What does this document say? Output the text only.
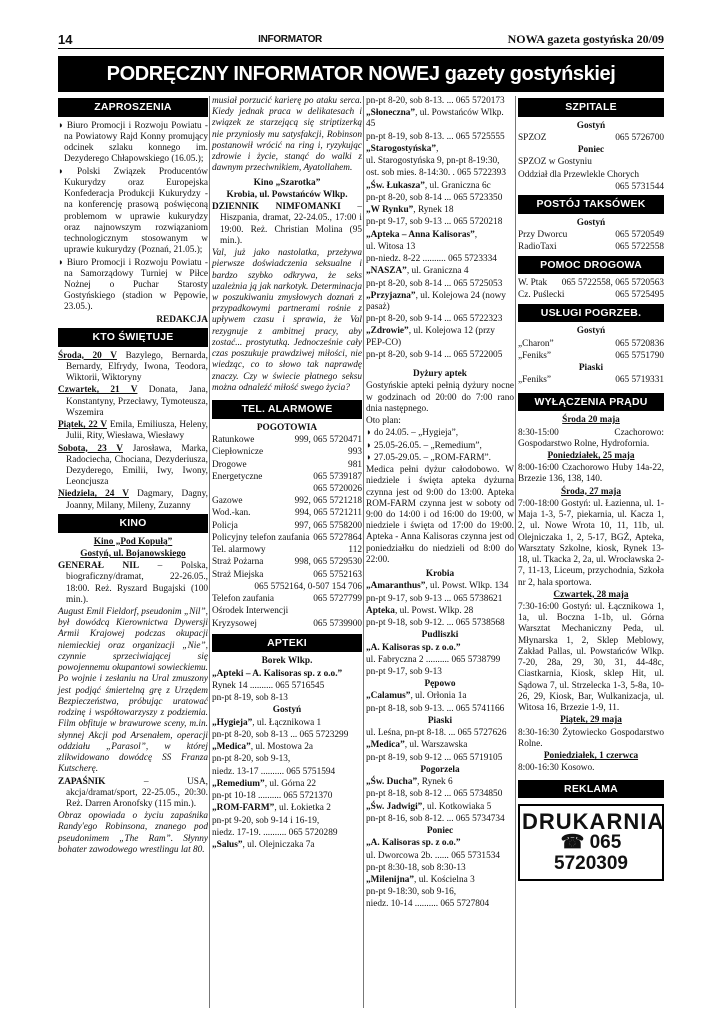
14	INFORMATOR	NOWA gazeta gostyńska 20/09
PODRĘCZNY INFORMATOR NOWEJ gazety gostyńskiej
ZAPROSZENIA

◗ Biuro Promocji i Rozwoju Powiatu - na Powiatowy Rajd Konny promujący odcinek szlaku konnego im. Dezyderego Chłapowskiego (16.05.);

◗ Polski Związek Producentów Kukurydzy oraz Europejska Konfederacja Produkcji Kukurydzy - na konferencję prasową poświęconą problemom w uprawie kukurydzy oraz najnowszym rozwiązaniom technologicznym stosowanym w uprawie kukurydzy (Poznań, 21.05.);

◗ Biuro Promocji i Rozwoju Powiatu - na Samorządowy Turniej w Piłce Nożnej o Puchar Starosty Gostyńskiego (stadion w Pępowie, 23.05.).

REDAKCJA

KTO ŚWIĘTUJE

Środa, 20 V Bazylego, Bernarda, Bernardy, Elfrydy, Iwona, Teodora, Wiktorii, Wiktoryny

Czwartek, 21 V Donata, Jana, Konstantyny, Przecławy, Tymoteusza, Wszemira

Piątek, 22 V Emila, Emiliusza, Heleny, Julii, Rity, Wiesława, Wiesławy

Sobota, 23 V Jarosława, Marka, Radociecha, Chociana, Dezyderiusza, Dezyderego, Emilii, Iwy, Iwony, Leoncjusza

Niedziela, 24 V Dagmary, Dagny, Joanny, Milany, Mileny, Zuzanny

KINO

Kino „Pod Kopułą”

Gostyń, ul. Bojanowskiego

GENERAŁ NIL – Polska, biograficzny/dramat, 22-26.05., 18:00. Reż. Ryszard Bugajski (100 min.).

August Emil Fieldorf, pseudonim „Nil”, był dowódcą Kierownictwa Dywersji Armii Krajowej podczas okupacji niemieckiej oraz organizacji „Nie”, czynnie sprzeciwiającej się powojennemu okupantowi sowieckiemu. Po wojnie i zesłaniu na Ural zmuszony jest podjąć śmiertelną grę z Urzędem Bezpieczeństwa, próbując uratować rodzinę i współtowarzyszy z podziemia. Film obfituje w brawurowe sceny, m.in. słynnej Akcji pod Arsenałem, operacji oddziału „Parasol”, w której zlikwidowano dowódcę SS Franza Kutscherę.

ZAPAŚNIK – USA, akcja/dramat/sport, 22-25.05., 20:30. Reż. Darren Aronofsky (115 min.).

Obraz opowiada o życiu zapaśnika Randy'ego Robinsona, znanego pod pseudonimem „The Ram”. Słynny bohater zawodowego wrestlingu lat 80.

musiał porzucić karierę po ataku serca. Kiedy jednak praca w delikatesach i związek ze starzejącą się striptizerką nie przyniosły mu satysfakcji, Robinson postanowił wrócić na ring i, ryzykując zdrowie i życie, stanąć do walki z dawnym przeciwnikiem, Ayatollahem.

Kino „Szarotka”

Krobia, ul. Powstańców Wlkp.

DZIENNIK NIMFOMANKI – Hiszpania, dramat, 22-24.05., 17:00 i 19:00. Reż. Christian Molina (95 min.).

Val, już jako nastolatka, przeżywa pierwsze doświadczenia seksualne i bardzo szybko odkrywa, że seks uzależnia ją jak narkotyk. Determinacja w poszukiwaniu zmysłowych doznań z przypadkowymi partnerami rośnie z upływem czasu i sprawia, że Val rezygnuje z ambitnej pracy, aby zostać... prostytutką. Jednocześnie cały czas poszukuje prawdziwej miłości, nie wiedząc, co to słowo tak naprawdę znaczy. Czy w świecie płatnego seksu można odnaleźć miłość swego życia?

TEL. ALARMOWE

POGOTOWIA

Ratunkowe	999, 065 5720471

Ciepłownicze	993

Drogowe	981

Energetyczne	065 5739187

065 5720026

Gazowe	992, 065 5721218

Wod.-kan.	994, 065 5721211

Policja	997, 065 5758200

Policyjny telefon zaufania 065 5727864

Tel. alarmowy	112

Straż Pożarna	998, 065 5729530

Straż Miejska	065 5752163

065 5752164, 0-507 154 706

Telefon zaufania	065 5727799

Ośrodek Interwencji

Kryzysowej	065 5739900

APTEKI

Borek Wlkp.

„Apteki – A. Kalisoras sp. z o.o.”

Rynek 14 .......... 065 5716545

pn-pt 8-19, sob 8-13

Gostyń

„Hygieja”, ul. Łącznikowa 1

pn-pt 8-20, sob 8-13 ... 065 5723299

„Medica”, ul. Mostowa 2a

pn-pt 8-20, sob 9-13,

niedz. 13-17 .......... 065 5751594

„Remedium”, ul. Górna 22

pn-pt 10-18 .......... 065 5721370

„ROM-FARM”, ul. Łokietka 2

pn-pt 9-20, sob 9-14 i 16-19,

niedz. 17-19. .......... 065 5720289

„Salus”, ul. Olejniczaka 7a

pn-pt 8-20, sob 8-13. ... 065 5720173

„Słoneczna”, ul. Powstańców Wlkp. 45

pn-pt 8-19, sob 8-13. ... 065 5725555

„Starogostyńska”,

ul. Starogostyńska 9, pn-pt 8-19:30,

ost. sob mies. 8-14:30. . 065 5722393

„Św. Łukasza”, ul. Graniczna 6c

pn-pt 8-20, sob 8-14 ... 065 5723350

„W Rynku”, Rynek 18

pn-pt 9-17, sob 9-13 ... 065 5720218

„Apteka – Anna Kalisoras”,

ul. Witosa 13

pn-niedz. 8-22 .......... 065 5723334

„NASZA”, ul. Graniczna 4

pn-pt 8-20, sob 8-14 ... 065 5725053

„Przyjazna”, ul. Kolejowa 24 (nowy pasaż)

pn-pt 8-20, sob 9-14 ... 065 5722323

„Zdrowie”, ul. Kolejowa 12 (przy PEP-CO)

pn-pt 8-20, sob 9-14 ... 065 5722005

Dyżury aptek

Gostyńskie apteki pełnią dyżury nocne w godzinach od 20:00 do 7:00 rano dnia następnego.

Oto plan:

◗ do 24.05. – „Hygieja”,

◗ 25.05-26.05. – „Remedium”,

◗ 27.05-29.05. – „ROM-FARM”.

Medica pełni dyżur całodobowo. W niedziele i święta apteka dyżurna czynna jest od 9:00 do 13:00. Apteka ROM-FARM czynna jest w soboty od 9:00 do 14:00 i od 16:00 do 19:00, w niedziele i święta od 17:00 do 19:00. Apteka - Anna Kalisoras czynna jest od poniedziałku do niedzieli od 8:00 do 22:00.

Krobia

„Amaranthus”, ul. Powst. Wlkp. 134

pn-pt 9-17, sob 9-13 ... 065 5738621

Apteka, ul. Powst. Wlkp. 28

pn-pt 9-18, sob 9-12. ... 065 5738568

Pudliszki

„A. Kalisoras sp. z o.o.”

ul. Fabryczna 2 .......... 065 5738799

pn-pt 9-17, sob 9-13

Pępowo

„Calamus”, ul. Orłonia 1a

pn-pt 8-18, sob 9-13. ... 065 5741166

Piaski

ul. Leśna, pn-pt 8-18. ... 065 5727626

„Medica”, ul. Warszawska

pn-pt 8-19, sob 9-12 ... 065 5719105

Pogorzela

„Św. Ducha”, Rynek 6

pn-pt 8-18, sob 8-12 ... 065 5734850

„Św. Jadwigi”, ul. Kotkowiaka 5

pn-pt 8-16, sob 8-12. ... 065 5734734

Poniec

„A. Kalisoras sp. z o.o.”

ul. Dworcowa 2b. ...... 065 5731534

pn-pt 8:30-18, sob 8:30-13

„Milenijna”, ul. Kościelna 3

pn-pt 9-18:30, sob 9-16,

niedz. 10-14 .......... 065 5727804

SZPITALE

Gostyń

SPZOZ	065 5726700

Poniec

SPZOZ w Gostyniu

Oddział dla Przewlekle Chorych

065 5731544

POSTÓJ TAKSÓWEK

Gostyń

Przy Dworcu	065 5720549

RadioTaxi	065 5722558

POMOC DROGOWA

W. Ptak 065 5722558, 065 5720563

Cz. Puślecki	065 5725495

USŁUGI POGRZEB.

Gostyń

„Charon”	065 5720836

„Feniks”	065 5751790

Piaski

„Feniks”	065 5719331

WYŁĄCZENIA PRĄDU

Środa 20 maja

8:30-15:00 Czachorowo: Gospodarstwo Rolne, Hydrofornia.

Poniedziałek, 25 maja

8:00-16:00 Czachorowo Huby 14a-22, Brzezie 136, 138, 140.

Środa, 27 maja

7:00-18:00 Gostyń: ul. Łazienna, ul. 1-Maja 1-3, 5-7, piekarnia, ul. Kacza 1, 2, ul. Nowe Wrota 10, 11, 11b, ul. Olejniczaka 1, 2, 5-17, BGŻ, Apteka, Warsztaty Szkolne, kiosk, Rynek 13-18, ul. Tkacka 2, 2a, ul. Wrocławska 2-7, 11-13, Liceum, przychodnia, Szkoła nr 2, hala sportowa.

Czwartek, 28 maja

7:30-16:00 Gostyń: ul. Łącznikowa 1, 1a, ul. Boczna 1-1b, ul. Górna Warsztat Mechaniczny Peda, ul. Młynarska 1, 2, Sklep Meblowy, Zakład Pallas, ul. Powstańców Wlkp. 7-20, 28a, 29, 30, 31, 44-48c, Ciastkarnia, Kiosk, sklep Hit, ul. Sądowa 7, ul. Strzelecka 1-3, 5-8a, 10-26, 29, Kiosk, Bar, Wulkanizacja, ul. Witosa 16, Brzezie 1-9, 11.

Piątek, 29 maja

8:30-16:30 Żytowiecko Gospodarstwo Rolne.

Poniedziałek, 1 czerwca

8:00-16:30 Kosowo.

REKLAMA
DRUKARNIA
☎ 065 5720309
